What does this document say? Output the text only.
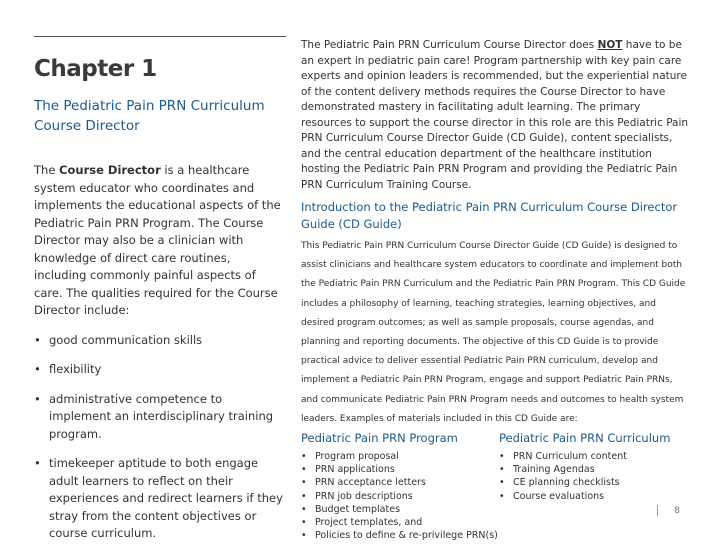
Chapter 1
The Pediatric Pain PRN Curriculum Course Director
The Course Director is a healthcare system educator who coordinates and implements the educational aspects of the Pediatric Pain PRN Program. The Course Director may also be a clinician with knowledge of direct care routines, including commonly painful aspects of care. The qualities required for the Course Director include:
• good communication skills
• flexibility
• administrative competence to implement an interdisciplinary training program.
• timekeeper aptitude to both engage adult learners to reflect on their experiences and redirect learners if they stray from the content objectives or course curriculum.

The Pediatric Pain PRN Curriculum Course Director does NOT have to be an expert in pediatric pain care! Program partnership with key pain care experts and opinion leaders is recommended, but the experiential nature of the content delivery methods requires the Course Director to have demonstrated mastery in facilitating adult learning. The primary resources to support the course director in this role are this Pediatric Pain PRN Curriculum Course Director Guide (CD Guide), content specialists, and the central education department of the healthcare institution hosting the Pediatric Pain PRN Program and providing the Pediatric Pain PRN Curriculum Training Course.

Introduction to the Pediatric Pain PRN Curriculum Course Director Guide (CD Guide)
This Pediatric Pain PRN Curriculum Course Director Guide (CD Guide) is designed to assist clinicians and healthcare system educators to coordinate and implement both the Pediatric Pain PRN Curriculum and the Pediatric Pain PRN Program. This CD Guide includes a philosophy of learning, teaching strategies, learning objectives, and desired program outcomes; as well as sample proposals, course agendas, and planning and reporting documents. The objective of this CD Guide is to provide practical advice to deliver essential Pediatric Pain PRN curriculum, develop and implement a Pediatric Pain PRN Program, engage and support Pediatric Pain PRNs, and communicate Pediatric Pain PRN Program needs and outcomes to health system leaders. Examples of materials included in this CD Guide are:
Pediatric Pain PRN Program
• Program proposal
• PRN applications
• PRN acceptance letters
• PRN job descriptions
• Budget templates
• Project templates, and
• Policies to define & re-privilege PRN(s)
Pediatric Pain PRN Curriculum
• PRN Curriculum content
• Training Agendas
• CE planning checklists
• Course evaluations
8
